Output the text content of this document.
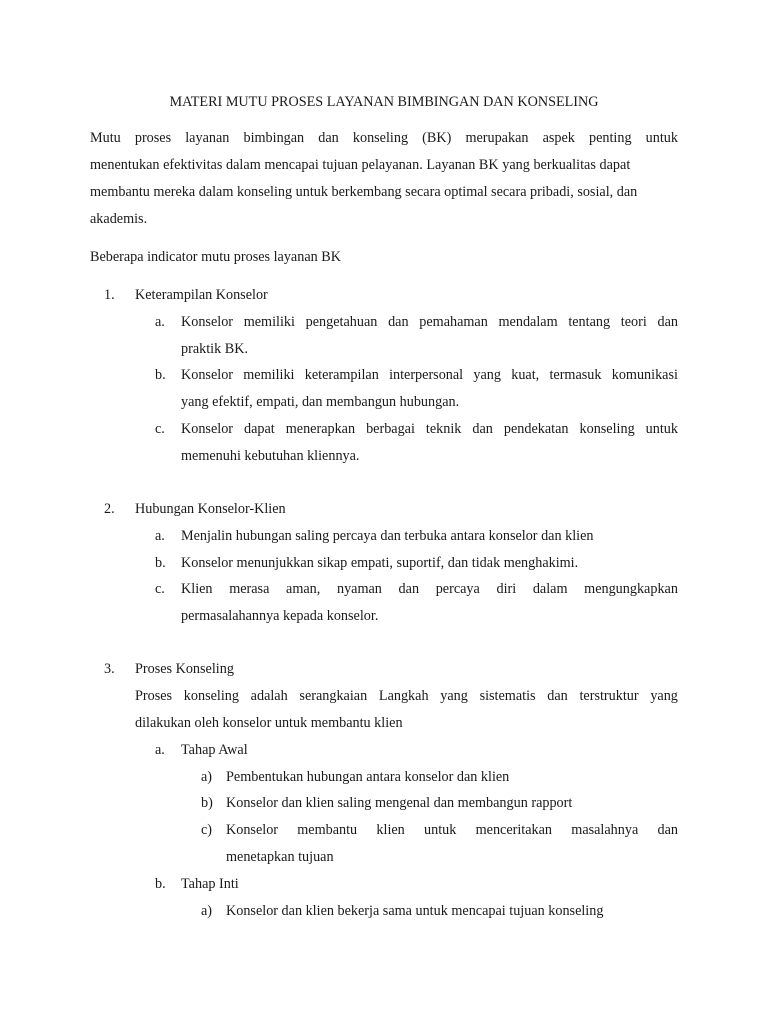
MATERI MUTU PROSES LAYANAN BIMBINGAN DAN KONSELING
Mutu proses layanan bimbingan dan konseling (BK) merupakan aspek penting untuk
menentukan efektivitas dalam mencapai tujuan pelayanan. Layanan BK yang berkualitas dapat
membantu mereka dalam konseling untuk berkembang secara optimal secara pribadi, sosial, dan
akademis.
Beberapa indicator mutu proses layanan BK
1.	Keterampilan Konselor
a.	Konselor memiliki pengetahuan dan pemahaman mendalam tentang teori dan
praktik BK.
b.	Konselor memiliki keterampilan interpersonal yang kuat, termasuk komunikasi
yang efektif, empati, dan membangun hubungan.
c.	Konselor dapat menerapkan berbagai teknik dan pendekatan konseling untuk
memenuhi kebutuhan kliennya.
2.	Hubungan Konselor-Klien
a.	Menjalin hubungan saling percaya dan terbuka antara konselor dan klien
b.	Konselor menunjukkan sikap empati, suportif, dan tidak menghakimi.
c.	Klien merasa aman, nyaman dan percaya diri dalam mengungkapkan
permasalahannya kepada konselor.
3.	Proses Konseling
Proses konseling adalah serangkaian Langkah yang sistematis dan terstruktur yang
dilakukan oleh konselor untuk membantu klien
a.	Tahap Awal
a) Pembentukan hubungan antara konselor dan klien
b) Konselor dan klien saling mengenal dan membangun rapport
c) Konselor membantu klien untuk menceritakan masalahnya dan
menetapkan tujuan
b.	Tahap Inti
a) Konselor dan klien bekerja sama untuk mencapai tujuan konseling
